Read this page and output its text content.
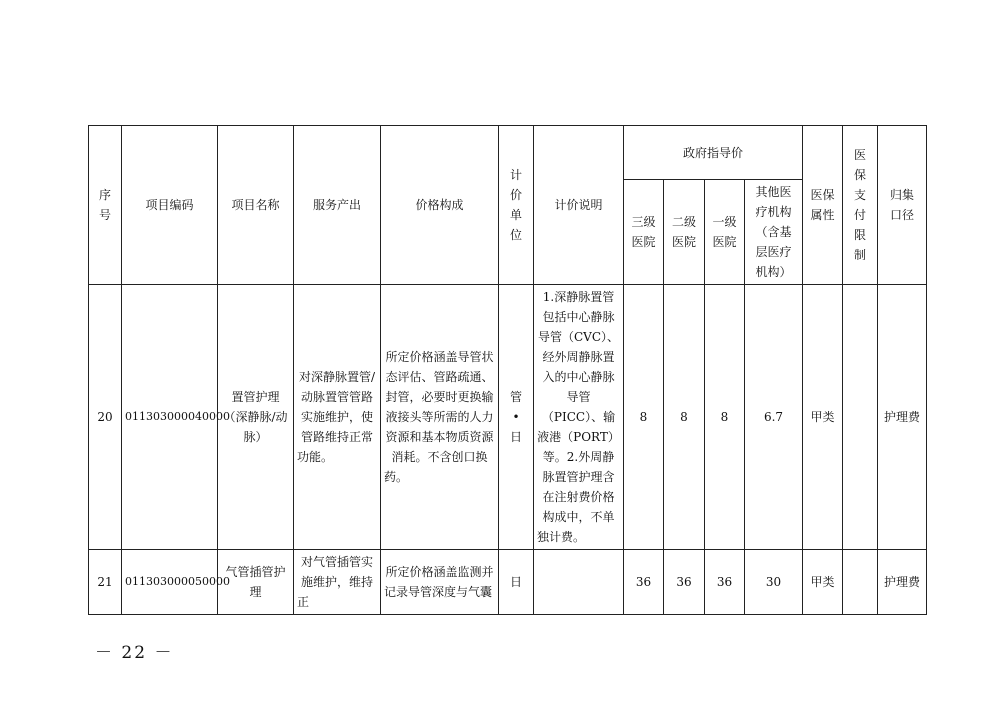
序号	项目编码	项目名称	服务产出	价格构成	计价单位	计价说明	政府指导价				医保属性	医保支付限制	归集口径
							三级医院	二级医院	一级医院	其他医疗机构（含基层医疗机构）			
20	011303000040000	置管护理（深静脉/动脉）	对深静脉置管/动脉置管管路实施维护，使管路维持正常功能。	所定价格涵盖导管状态评估、管路疏通、封管，必要时更换输液接头等所需的人力资源和基本物质资源消耗。不含创口换药。	管•日	1.深静脉置管包括中心静脉导管（CVC）、经外周静脉置入的中心静脉导管（PICC）、输液港（PORT）等。2.外周静脉置管护理含在注射费价格构成中，不单独计费。	8	8	8	6.7	甲类		护理费
21	011303000050000	气管插管护理	对气管插管实施维护，维持正	所定价格涵盖监测并记录导管深度与气囊	日		36	36	36	30	甲类		护理费
－ 22 －
